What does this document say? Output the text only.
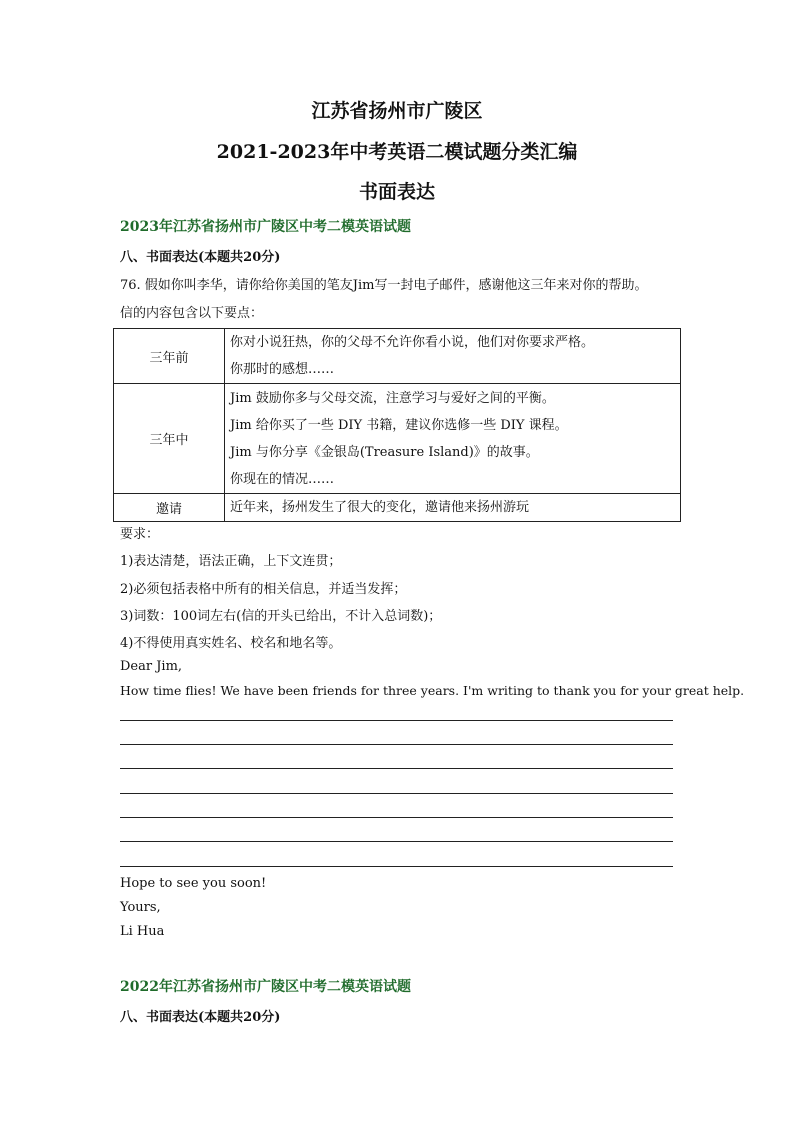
江苏省扬州市广陵区
2021-2023年中考英语二模试题分类汇编
书面表达
2023年江苏省扬州市广陵区中考二模英语试题
八、书面表达(本题共20分)
76. 假如你叫李华，请你给你美国的笔友Jim写一封电子邮件，感谢他这三年来对你的帮助。
信的内容包含以下要点：
三年前	你对小说狂热，你的父母不允许你看小说，他们对你要求严格。
你那时的感想……

三年中	Jim 鼓励你多与父母交流，注意学习与爱好之间的平衡。
Jim 给你买了一些 DIY 书籍，建议你选修一些 DIY 课程。
Jim 与你分享《金银岛(Treasure Island)》的故事。
你现在的情况……

邀请	近年来，扬州发生了很大的变化，邀请他来扬州游玩
要求：
1)表达清楚，语法正确，上下文连贯；
2)必须包括表格中所有的相关信息，并适当发挥；
3)词数：100词左右(信的开头已给出，不计入总词数)；
4)不得使用真实姓名、校名和地名等。
Dear Jim,
How time flies! We have been friends for three years. I'm writing to thank you for your great help.
Hope to see you soon!
Yours,
Li Hua
2022年江苏省扬州市广陵区中考二模英语试题
八、书面表达(本题共20分)
